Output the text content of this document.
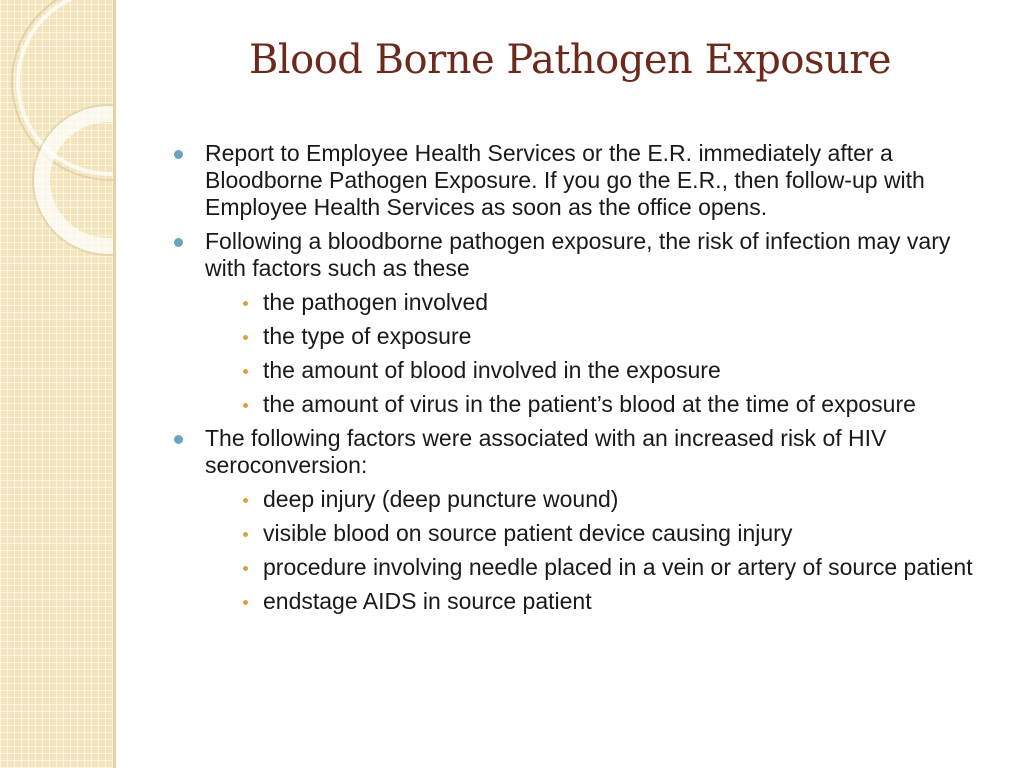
Blood Borne Pathogen Exposure
Report to Employee Health Services or the E.R. immediately after a Bloodborne Pathogen Exposure. If you go the E.R., then follow-up with Employee Health Services as soon as the office opens.
Following a bloodborne pathogen exposure, the risk of infection may vary with factors such as these
the pathogen involved
the type of exposure
the amount of blood involved in the exposure
the amount of virus in the patient’s blood at the time of exposure
The following factors were associated with an increased risk of HIV seroconversion:
deep injury (deep puncture wound)
visible blood on source patient device causing injury
procedure involving needle placed in a vein or artery of source patient
endstage AIDS in source patient
